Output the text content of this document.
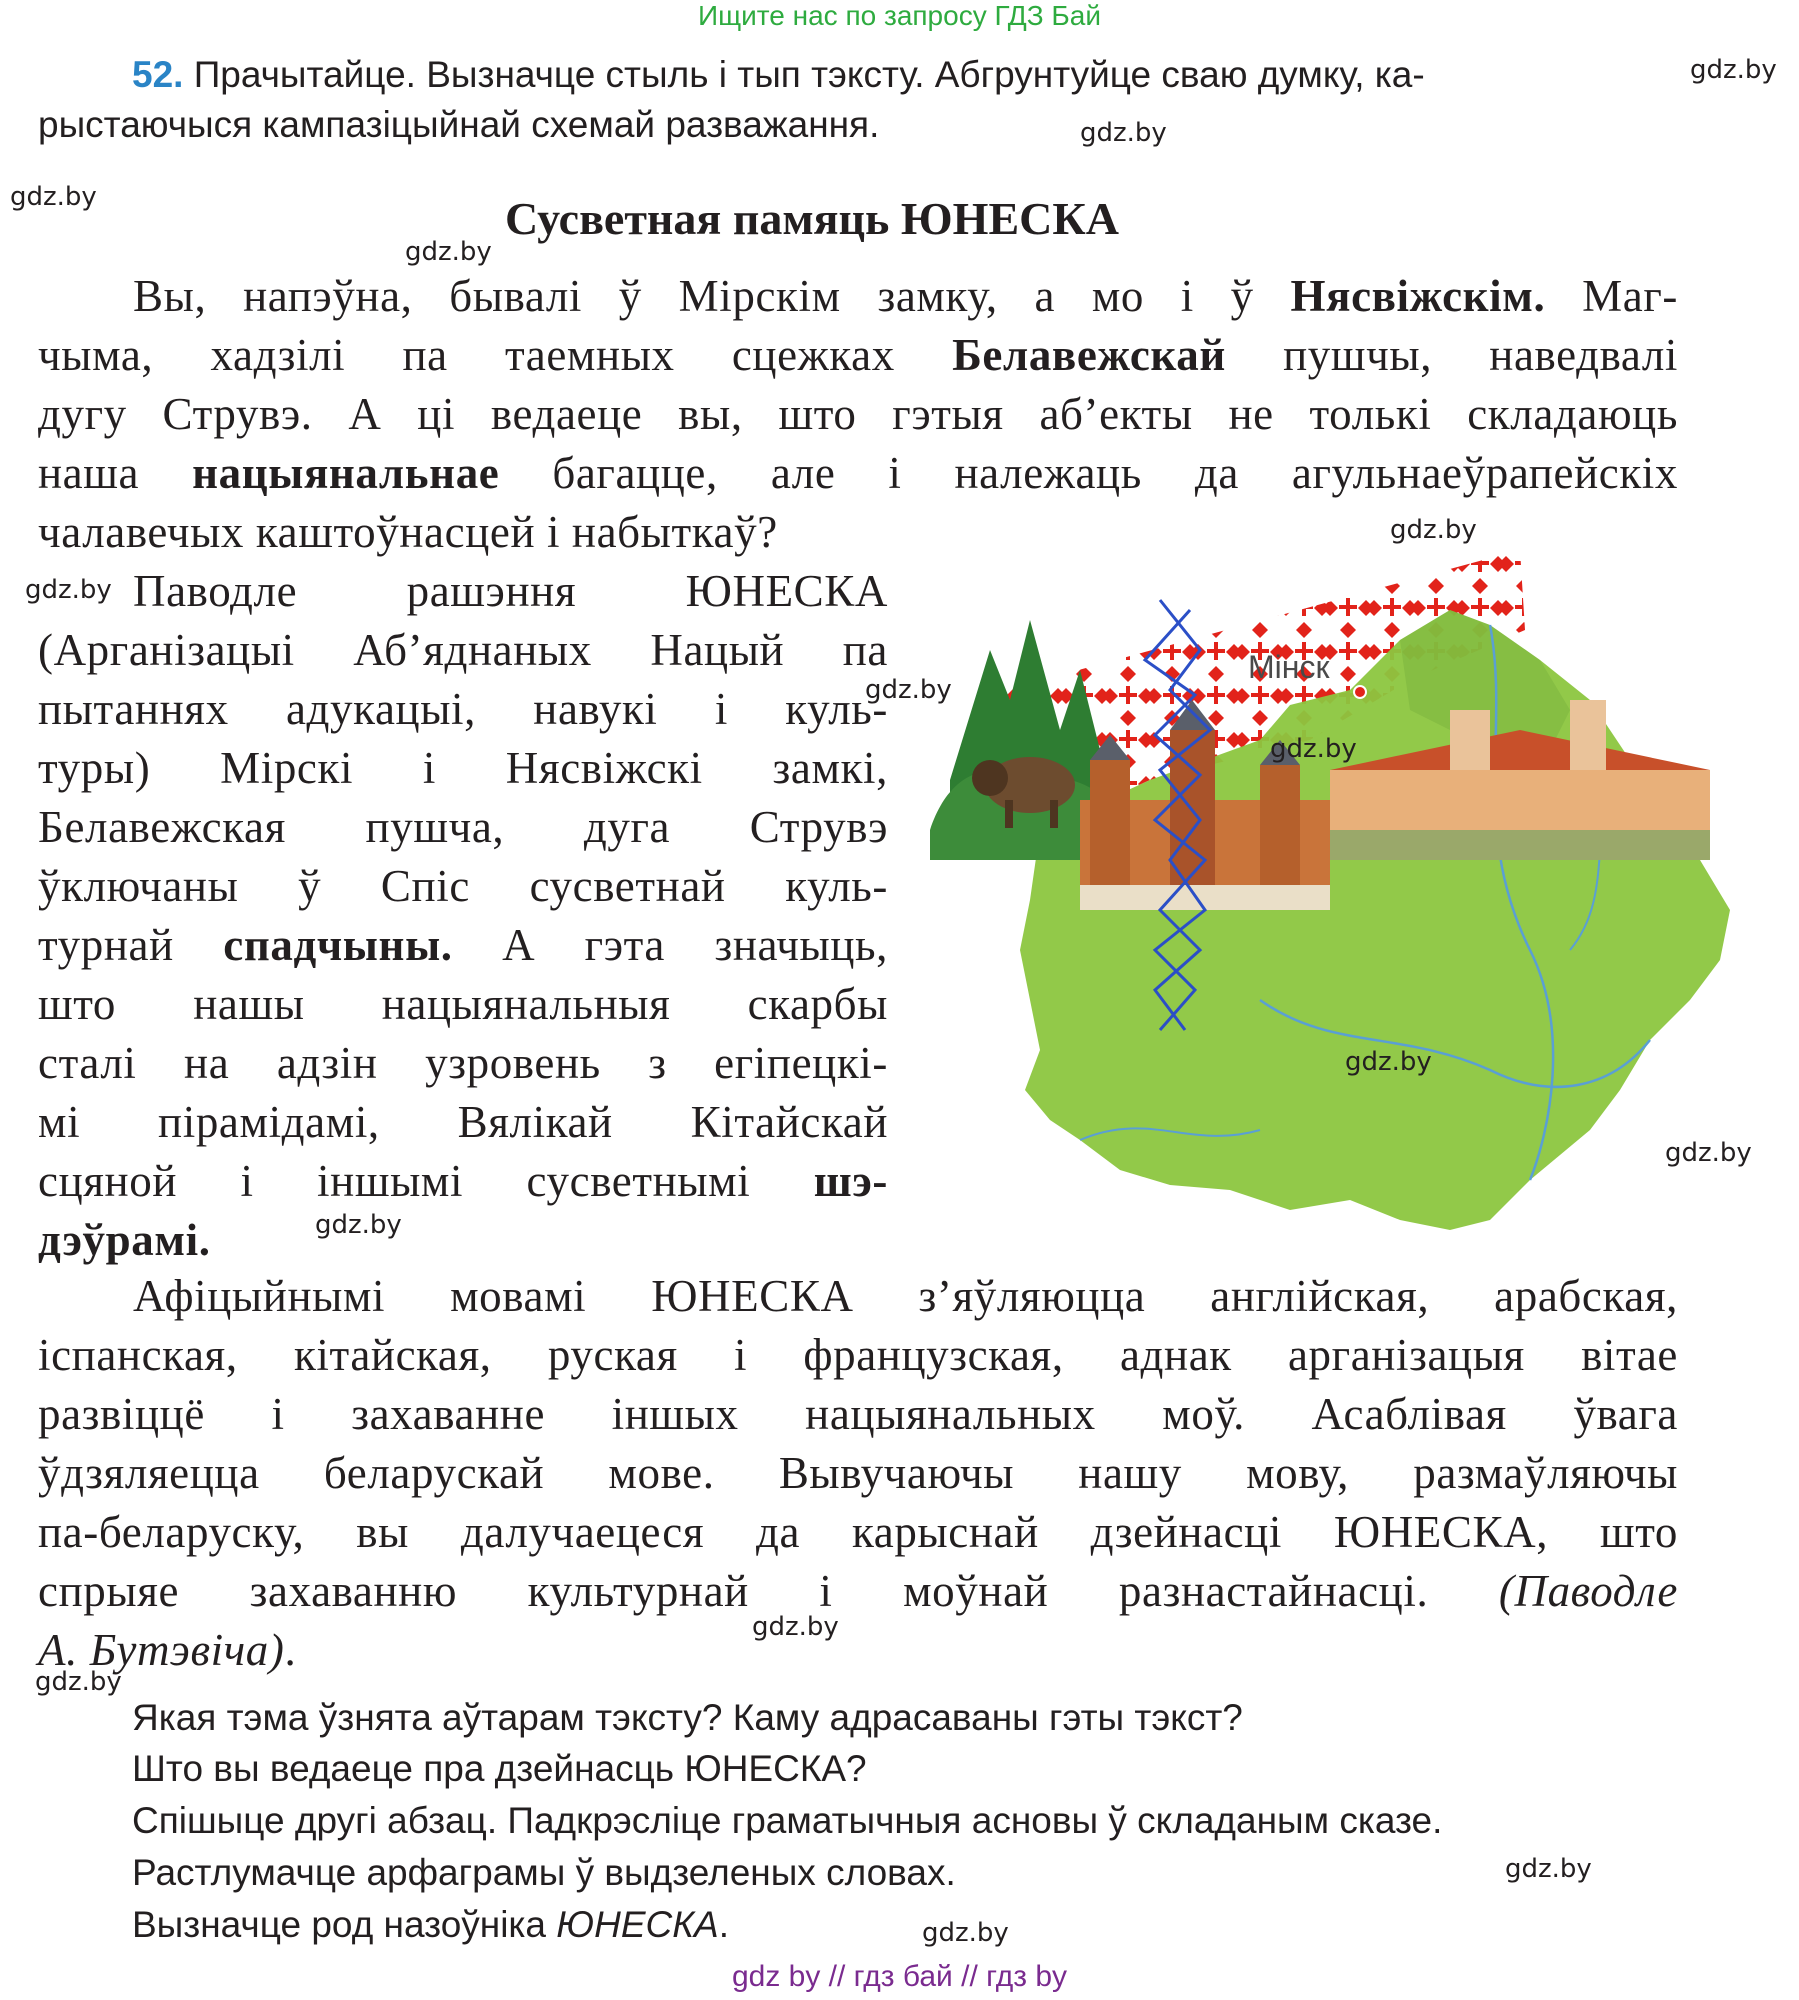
Ищите нас по запросу ГДЗ Бай
52. Прачытайце. Вызначце стыль і тып тэксту. Абгрунтуйце сваю думку, ка-
рыстаючыся кампазіцыйнай схемай разважання.
Сусветная памяць ЮНЕСКА
Вы, напэўна, бывалі ў Мірскім замку, а мо і ў Нясвіжскім. Маг-
чыма, хадзілі па таемных сцежках Белавежскай пушчы, наведвалі
дугу Струвэ. А ці ведаеце вы, што гэтыя аб’екты не толькі складаюць
наша нацыянальнае багацце, але і належаць да агульнаеўрапейскіх
чалавечых каштоўнасцей і набыткаў?
Паводле рашэння ЮНЕСКА
(Арганізацыі Аб’яднаных Нацый па
пытаннях адукацыі, навукі і куль-
туры) Мірскі і Нясвіжскі замкі,
Белавежская пушча, дуга Струвэ
ўключаны ў Спіс сусветнай куль-
турнай спадчыны. А гэта значыць,
што нашы нацыянальныя скарбы
сталі на адзін узровень з егіпецкі-
мі пірамідамі, Вялікай Кітайскай
сцяной і іншымі сусветнымі шэ-
дэўрамі.
Мінск
Афіцыйнымі мовамі ЮНЕСКА з’яўляюцца англійская, арабская,
іспанская, кітайская, руская і французская, аднак арганізацыя вітае
развіццё і захаванне іншых нацыянальных моў. Асаблівая ўвага
ўдзяляецца беларускай мове. Вывучаючы нашу мову, размаўляючы
па-беларуску, вы далучаецеся да карыснай дзейнасці ЮНЕСКА, што
спрыяе захаванню культурнай і моўнай разнастайнасці. (Паводле
А. Бутэвіча).
Якая тэма ўзнята аўтарам тэксту? Каму адрасаваны гэты тэкст?
Што вы ведаеце пра дзейнасць ЮНЕСКА?
Спішыце другі абзац. Падкрэсліце граматычныя асновы ў складаным сказе.
Растлумачце арфаграмы ў выдзеленых словах.
Вызначце род назоўніка ЮНЕСКА.
gdz.by
gdz.by
gdz.by
gdz.by
gdz.by
gdz.by
gdz.by
gdz.by
gdz.by
gdz.by
gdz.by
gdz.by
gdz.by
gdz.by
gdz.by
gdz by // гдз бай // гдз by
